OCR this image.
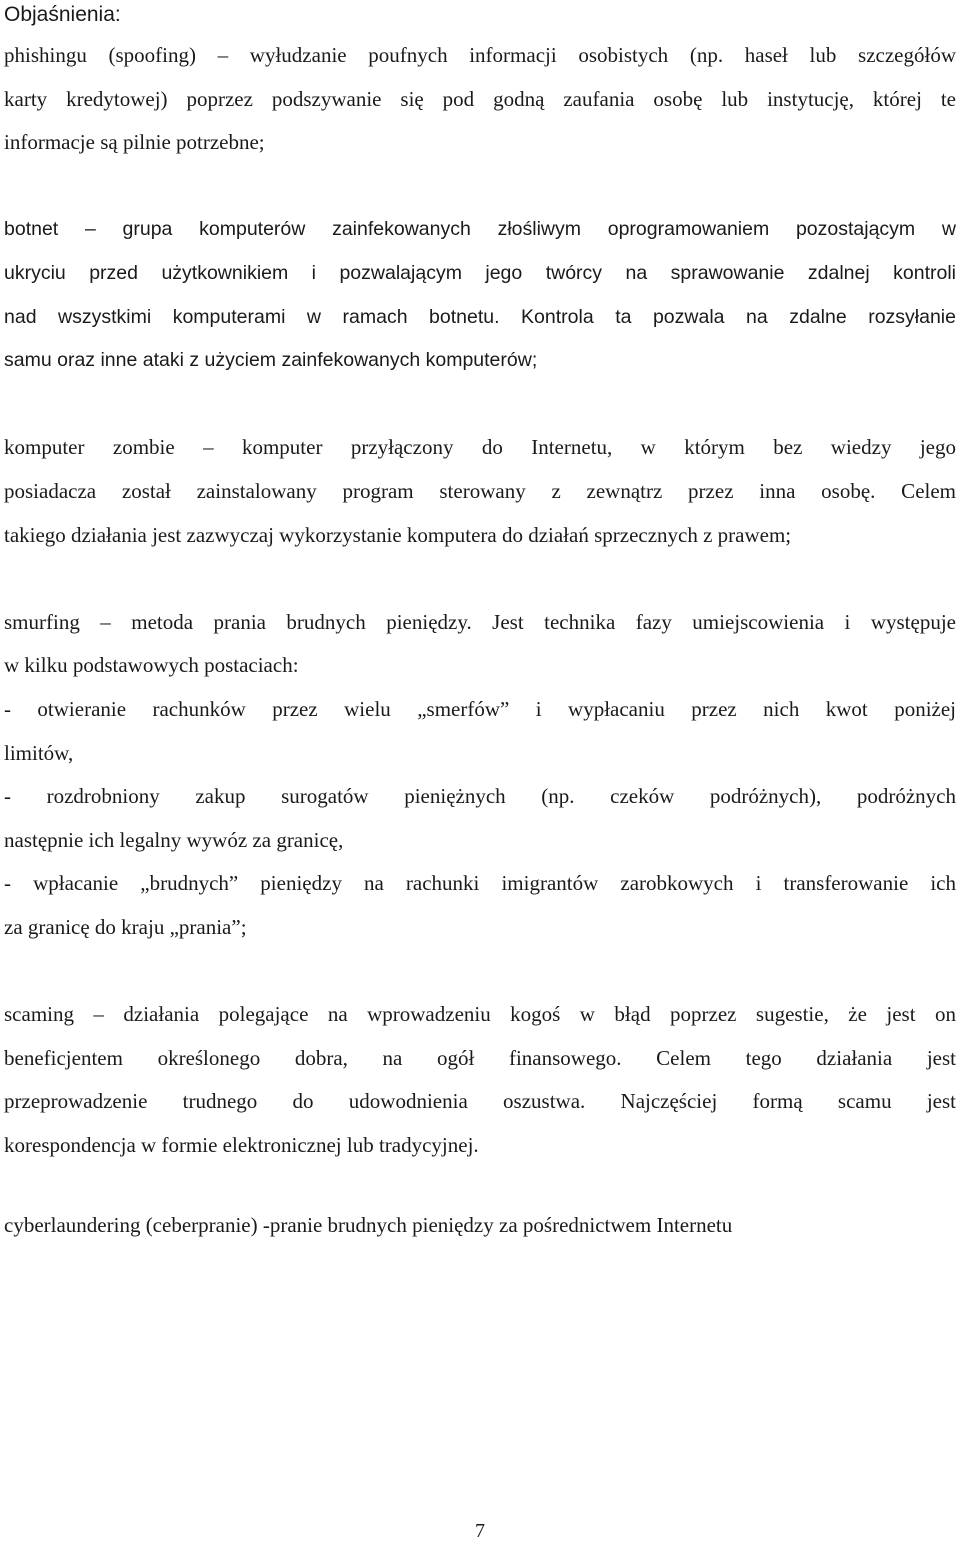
Objaśnienia:
phishingu (spoofing) – wyłudzanie poufnych informacji osobistych (np. haseł lub szczegółów
karty kredytowej) poprzez podszywanie się pod godną zaufania osobę lub instytucję, której te
informacje są pilnie potrzebne;
botnet – grupa komputerów zainfekowanych złośliwym oprogramowaniem pozostającym w
ukryciu przed użytkownikiem i pozwalającym jego twórcy na sprawowanie zdalnej kontroli
nad wszystkimi komputerami w ramach botnetu. Kontrola ta pozwala na zdalne rozsyłanie
samu oraz inne ataki z użyciem zainfekowanych komputerów;
komputer zombie – komputer przyłączony do Internetu, w którym bez wiedzy jego
posiadacza został zainstalowany program sterowany z zewnątrz przez inna osobę. Celem
takiego działania jest zazwyczaj wykorzystanie komputera do działań sprzecznych z prawem;
smurfing – metoda prania brudnych pieniędzy. Jest technika fazy umiejscowienia i występuje
w kilku podstawowych postaciach:
- otwieranie rachunków przez wielu „smerfów” i wypłacaniu przez nich kwot poniżej
limitów,
- rozdrobniony zakup surogatów pieniężnych (np. czeków podróżnych), podróżnych
następnie ich legalny wywóz za granicę,
- wpłacanie „brudnych” pieniędzy na rachunki imigrantów zarobkowych i transferowanie ich
za granicę do kraju „prania”;
scaming – działania polegające na wprowadzeniu kogoś w błąd poprzez sugestie, że jest on
beneficjentem określonego dobra, na ogół finansowego. Celem tego działania jest
przeprowadzenie trudnego do udowodnienia oszustwa. Najczęściej formą scamu jest
korespondencja w formie elektronicznej lub tradycyjnej.
cyberlaundering (ceberpranie) -pranie brudnych pieniędzy za pośrednictwem Internetu
7
